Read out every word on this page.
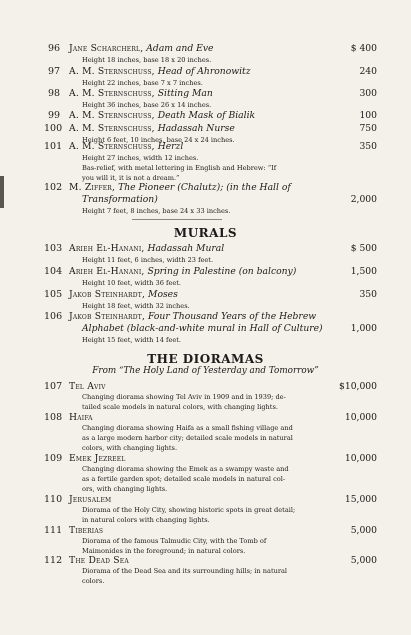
96 Jane Scharcherl, Adam and Eve	$ 400
Height 18 inches, base 18 x 20 inches.
97 A. M. Sternschuss, Head of Ahronowitz	240
Height 22 inches, base 7 x 7 inches.
98 A. M. Sternschuss, Sitting Man	300
Height 36 inches, base 26 x 14 inches.
99 A. M. Sternschuss, Death Mask of Bialik	100
100 A. M. Sternschuss, Hadassah Nurse	750
Height 6 feet, 10 inches, base 24 x 24 inches.
101 A. M. Sternschuss, Herzl	350
Height 27 inches, width 12 inches.
Bas-relief, with metal lettering in English and Hebrew: “If
you will it, it is not a dream.”
102 M. Ziffer, The Pioneer (Chalutz); (in the Hall of
Transformation)	2,000
Height 7 feet, 8 inches, base 24 x 33 inches.
MURALS
103 Arieh El-Hanani, Hadassah Mural	$ 500
Height 11 feet, 6 inches, width 23 feet.
104 Arieh El-Hanani, Spring in Palestine (on balcony)	1,500
Height 10 feet, width 36 feet.
105 Jakob Steinhardt, Moses	350
Height 18 feet, width 32 inches.
106 Jakob Steinhardt, Four Thousand Years of the Hebrew
Alphabet (black-and-white mural in Hall of Culture)	1,000
Height 15 feet, width 14 feet.
THE DIORAMAS
From “The Holy Land of Yesterday and Tomorrow”
107 Tel Aviv	$10,000
Changing diorama showing Tel Aviv in 1909 and in 1939; de-
tailed scale models in natural colors, with changing lights.
108 Haifa	10,000
Changing diorama showing Haifa as a small fishing village and
as a large modern harbor city; detailed scale models in natural
colors, with changing lights.
109 Emek Jezreel	10,000
Changing diorama showing the Emek as a swampy waste and
as a fertile garden spot; detailed scale models in natural col-
ors, with changing lights.
110 Jerusalem	15,000
Diorama of the Holy City, showing historic spots in great detail;
in natural colors with changing lights.
111 Tiberias	5,000
Diorama of the famous Talmudic City, with the Tomb of
Maimonides in the foreground; in natural colors.
112 The Dead Sea	5,000
Diorama of the Dead Sea and its surrounding hills; in natural
colors.
